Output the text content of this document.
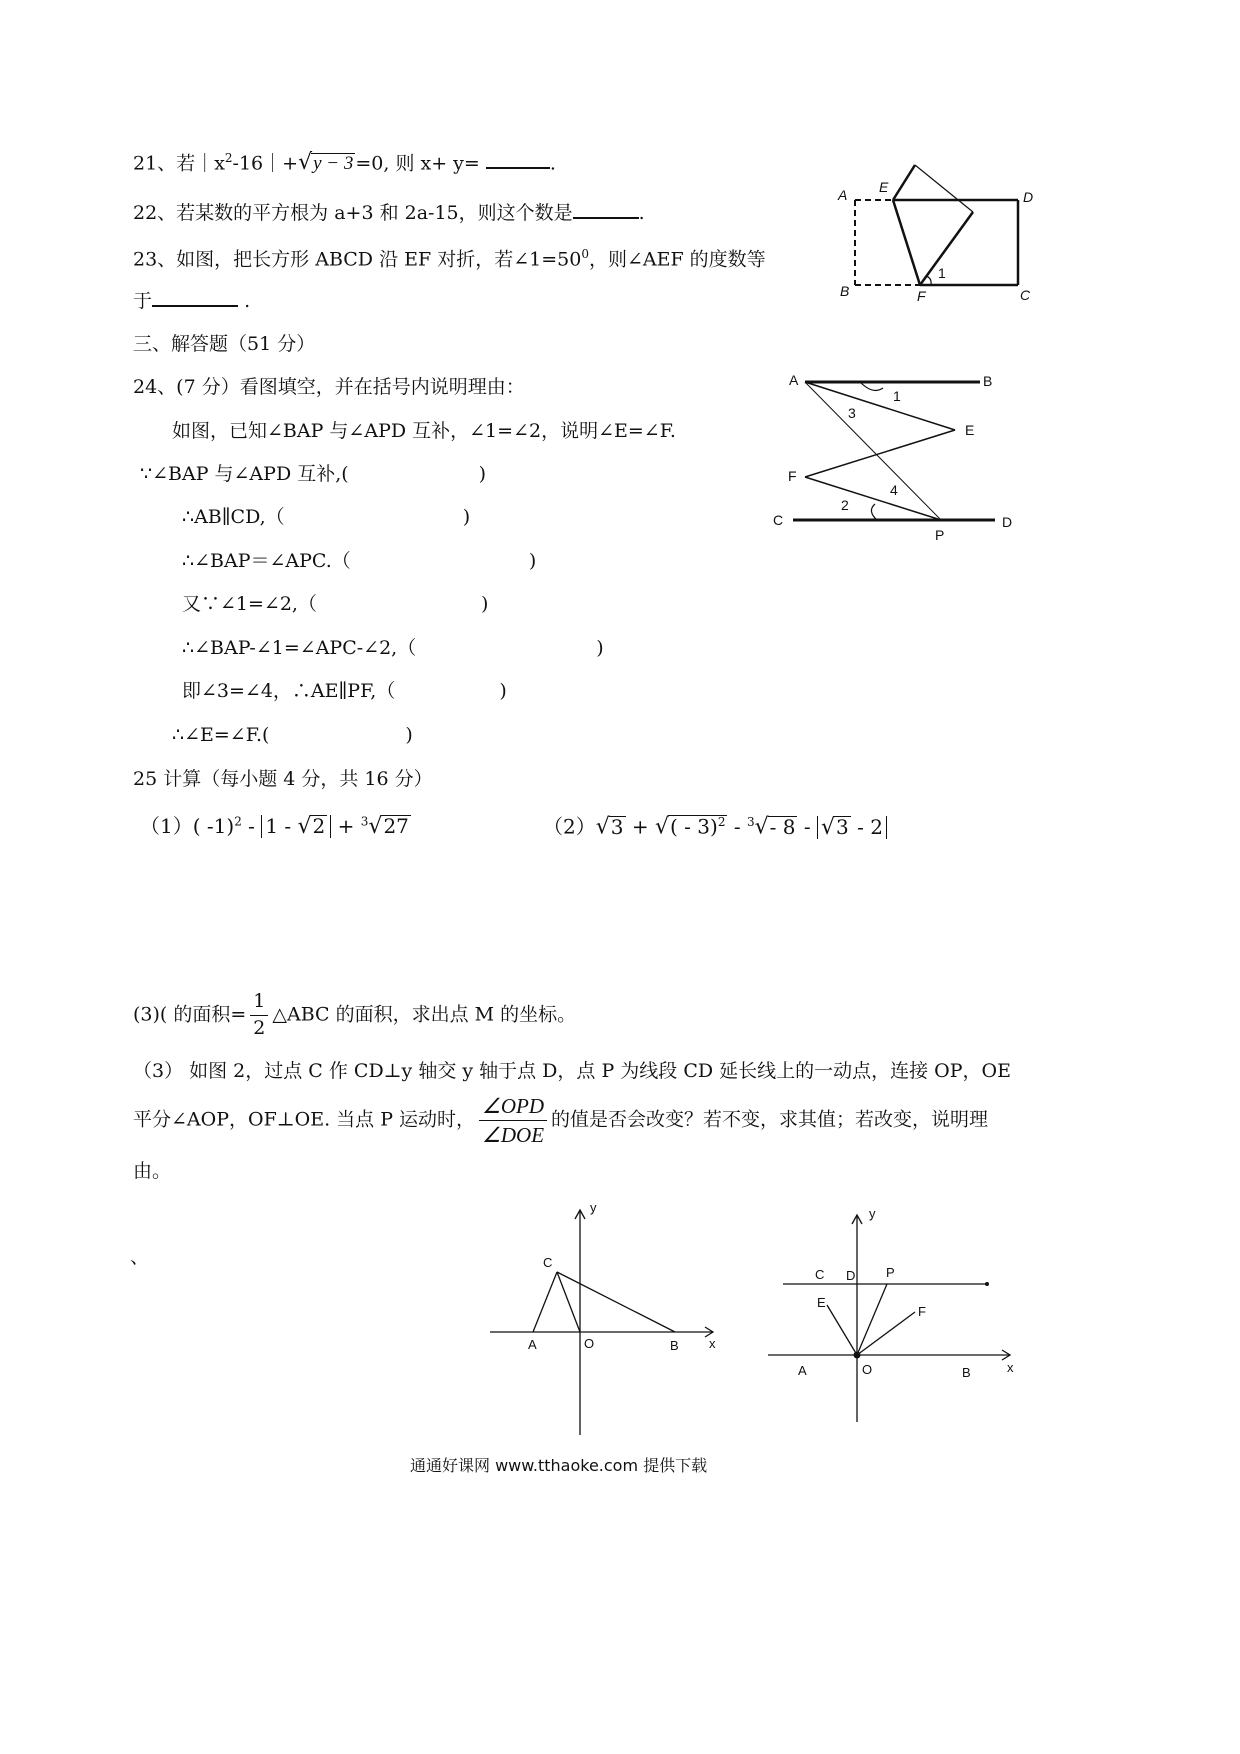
21、若$|x^2-16|+√y - 3 =0$, 则 x+ y=	.
22、若某数的平方根为 a+3 和 2a-15，则这个数是	.
23、如图，把长方形 ABCD 沿 EF 对折，若$\angle 1=50^0$，则∠AEF 的度数等
于	.
A E
D
B	F	C
1
三、解答题（51 分）
24、(7 分）看图填空，并在括号内说明理由：
如图，已知∠BAP 与∠APD 互补，∠1=∠2，说明∠E=∠F.
∵∠BAP 与∠APD 互补,(	)
∴AB∥CD,（	)
∴∠BAP＝∠APC.（	)
又∵∠1=∠2,（	)
∴∠BAP-∠1=∠APC-∠2,（	)
即∠3=∠4，∴AE∥PF,（	)
∴∠E=∠F.(	)
A	B
1
3
E
F
4
2
C
P
D
25 计算（每小题 4 分，共 16 分）
（1）( -1)$^2$ - 1 - √2 + $^3$√27	（2）√3 + √( - 3)$^2$ - $^3$√- 8 - √3 - 2
(3)( 的面积= $\frac{1}{2}$ △ABC 的面积，求出点 M 的坐标。
（3） 如图 2，过点 C 作 CD⊥y 轴交 y 轴于点 D，点 P 为线段 CD 延长线上的一动点，连接 OP，OE
平分∠AOP，OF⊥OE. 当点 P 运动时， $\frac{\text{∠OPD}}{\text{∠DOE}}$ 的值是否会改变？若不变，求其值；若改变，说明理
由。
、
y
C
A	O	B x
y
C D P
E
F
A	O	B	x
通通好课网 www.tthaoke.com 提供下载
